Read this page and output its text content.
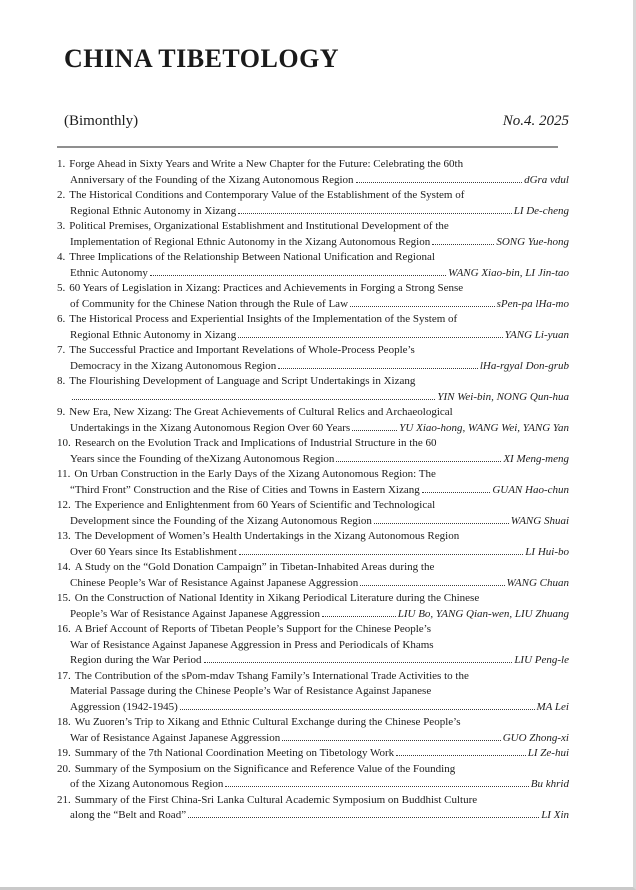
CHINA TIBETOLOGY
(Bimonthly)	No.4. 2025
1. Forge Ahead in Sixty Years and Write a New Chapter for the Future: Celebrating the 60th
Anniversary of the Founding of the Xizang Autonomous Region	dGra vdul
2. The Historical Conditions and Contemporary Value of the Establishment of the System of
Regional Ethnic Autonomy in Xizang	LI De-cheng
3. Political Premises, Organizational Establishment and Institutional Development of the
Implementation of Regional Ethnic Autonomy in the Xizang Autonomous Region	SONG Yue-hong
4. Three Implications of the Relationship Between National Unification and Regional
Ethnic Autonomy	WANG Xiao-bin, LI Jin-tao
5. 60 Years of Legislation in Xizang: Practices and Achievements in Forging a Strong Sense
of Community for the Chinese Nation through the Rule of Law	sPen-pa lHa-mo
6. The Historical Process and Experiential Insights of the Implementation of the System of
Regional Ethnic Autonomy in Xizang	YANG Li-yuan
7. The Successful Practice and Important Revelations of Whole-Process People’s
Democracy in the Xizang Autonomous Region	lHa-rgyal Don-grub
8. The Flourishing Development of Language and Script Undertakings in Xizang
YIN Wei-bin, NONG Qun-hua
9. New Era, New Xizang: The Great Achievements of Cultural Relics and Archaeological
Undertakings in the Xizang Autonomous Region Over 60 Years	YU Xiao-hong, WANG Wei, YANG Yan
10. Research on the Evolution Track and Implications of Industrial Structure in the 60
Years since the Founding of theXizang Autonomous Region	XI Meng-meng
11. On Urban Construction in the Early Days of the Xizang Autonomous Region: The
“Third Front” Construction and the Rise of Cities and Towns in Eastern Xizang	GUAN Hao-chun
12. The Experience and Enlightenment from 60 Years of Scientific and Technological
Development since the Founding of the Xizang Autonomous Region	WANG Shuai
13. The Development of Women’s Health Undertakings in the Xizang Autonomous Region
Over 60 Years since Its Establishment	LI Hui-bo
14. A Study on the “Gold Donation Campaign” in Tibetan-Inhabited Areas during the
Chinese People’s War of Resistance Against Japanese Aggression	WANG Chuan
15. On the Construction of National Identity in Xikang Periodical Literature during the Chinese
People’s War of Resistance Against Japanese Aggression	LIU Bo, YANG Qian-wen, LIU Zhuang
16. A Brief Account of Reports of Tibetan People’s Support for the Chinese People’s
War of Resistance Against Japanese Aggression in Press and Periodicals of Khams
Region during the War Period	LIU Peng-le
17. The Contribution of the sPom-mdav Tshang Family’s International Trade Activities to the
Material Passage during the Chinese People’s War of Resistance Against Japanese
Aggression (1942-1945)	MA Lei
18. Wu Zuoren’s Trip to Xikang and Ethnic Cultural Exchange during the Chinese People’s
War of Resistance Against Japanese Aggression	GUO Zhong-xi
19. Summary of the 7th National Coordination Meeting on Tibetology Work	LI Ze-hui
20. Summary of the Symposium on the Significance and Reference Value of the Founding
of the Xizang Autonomous Region	Bu khrid
21. Summary of the First China-Sri Lanka Cultural Academic Symposium on Buddhist Culture
along the “Belt and Road”	LI Xin
